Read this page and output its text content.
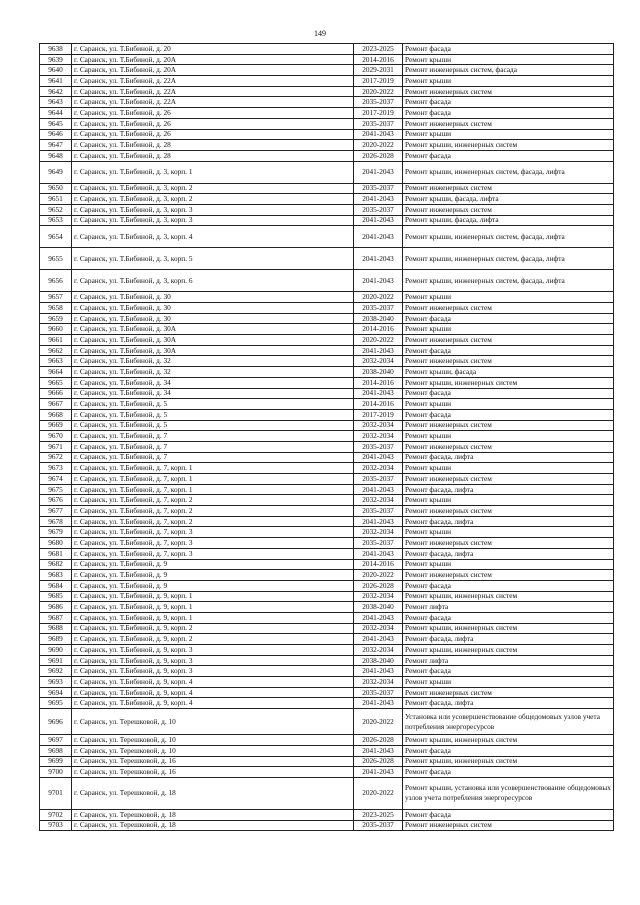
149
9638	г. Саранск, ул. Т.Бибиной, д. 20	2023-2025	Ремонт фасада
9639	г. Саранск, ул. Т.Бибиной, д. 20А	2014-2016	Ремонт крыши
9640	г. Саранск, ул. Т.Бибиной, д. 20А	2029-2031	Ремонт инженерных систем, фасада
9641	г. Саранск, ул. Т.Бибиной, д. 22А	2017-2019	Ремонт крыши
9642	г. Саранск, ул. Т.Бибиной, д. 22А	2020-2022	Ремонт инженерных систем
9643	г. Саранск, ул. Т.Бибиной, д. 22А	2035-2037	Ремонт фасада
9644	г. Саранск, ул. Т.Бибиной, д. 26	2017-2019	Ремонт фасада
9645	г. Саранск, ул. Т.Бибиной, д. 26	2035-2037	Ремонт инженерных систем
9646	г. Саранск, ул. Т.Бибиной, д. 26	2041-2043	Ремонт крыши
9647	г. Саранск, ул. Т.Бибиной, д. 28	2020-2022	Ремонт крыши, инженерных систем
9648	г. Саранск, ул. Т.Бибиной, д. 28	2026-2028	Ремонт фасада
9649	г. Саранск, ул. Т.Бибиной, д. 3, корп. 1	2041-2043	Ремонт крыши, инженерных систем, фасада, лифта
9650	г. Саранск, ул. Т.Бибиной, д. 3, корп. 2	2035-2037	Ремонт инженерных систем
9651	г. Саранск, ул. Т.Бибиной, д. 3, корп. 2	2041-2043	Ремонт крыши, фасада, лифта
9652	г. Саранск, ул. Т.Бибиной, д. 3, корп. 3	2035-2037	Ремонт инженерных систем
9653	г. Саранск, ул. Т.Бибиной, д. 3, корп. 3	2041-2043	Ремонт крыши, фасада, лифта
9654	г. Саранск, ул. Т.Бибиной, д. 3, корп. 4	2041-2043	Ремонт крыши, инженерных систем, фасада, лифта
9655	г. Саранск, ул. Т.Бибиной, д. 3, корп. 5	2041-2043	Ремонт крыши, инженерных систем, фасада, лифта
9656	г. Саранск, ул. Т.Бибиной, д. 3, корп. 6	2041-2043	Ремонт крыши, инженерных систем, фасада, лифта
9657	г. Саранск, ул. Т.Бибиной, д. 30	2020-2022	Ремонт крыши
9658	г. Саранск, ул. Т.Бибиной, д. 30	2035-2037	Ремонт инженерных систем
9659	г. Саранск, ул. Т.Бибиной, д. 30	2038-2040	Ремонт фасада
9660	г. Саранск, ул. Т.Бибиной, д. 30А	2014-2016	Ремонт крыши
9661	г. Саранск, ул. Т.Бибиной, д. 30А	2020-2022	Ремонт инженерных систем
9662	г. Саранск, ул. Т.Бибиной, д. 30А	2041-2043	Ремонт фасада
9663	г. Саранск, ул. Т.Бибиной, д. 32	2032-2034	Ремонт инженерных систем
9664	г. Саранск, ул. Т.Бибиной, д. 32	2038-2040	Ремонт крыши, фасада
9665	г. Саранск, ул. Т.Бибиной, д. 34	2014-2016	Ремонт крыши, инженерных систем
9666	г. Саранск, ул. Т.Бибиной, д. 34	2041-2043	Ремонт фасада
9667	г. Саранск, ул. Т.Бибиной, д. 5	2014-2016	Ремонт крыши
9668	г. Саранск, ул. Т.Бибиной, д. 5	2017-2019	Ремонт фасада
9669	г. Саранск, ул. Т.Бибиной, д. 5	2032-2034	Ремонт инженерных систем
9670	г. Саранск, ул. Т.Бибиной, д. 7	2032-2034	Ремонт крыши
9671	г. Саранск, ул. Т.Бибиной, д. 7	2035-2037	Ремонт инженерных систем
9672	г. Саранск, ул. Т.Бибиной, д. 7	2041-2043	Ремонт фасада, лифта
9673	г. Саранск, ул. Т.Бибиной, д. 7, корп. 1	2032-2034	Ремонт крыши
9674	г. Саранск, ул. Т.Бибиной, д. 7, корп. 1	2035-2037	Ремонт инженерных систем
9675	г. Саранск, ул. Т.Бибиной, д. 7, корп. 1	2041-2043	Ремонт фасада, лифта
9676	г. Саранск, ул. Т.Бибиной, д. 7, корп. 2	2032-2034	Ремонт крыши
9677	г. Саранск, ул. Т.Бибиной, д. 7, корп. 2	2035-2037	Ремонт инженерных систем
9678	г. Саранск, ул. Т.Бибиной, д. 7, корп. 2	2041-2043	Ремонт фасада, лифта
9679	г. Саранск, ул. Т.Бибиной, д. 7, корп. 3	2032-2034	Ремонт крыши
9680	г. Саранск, ул. Т.Бибиной, д. 7, корп. 3	2035-2037	Ремонт инженерных систем
9681	г. Саранск, ул. Т.Бибиной, д. 7, корп. 3	2041-2043	Ремонт фасада, лифта
9682	г. Саранск, ул. Т.Бибиной, д. 9	2014-2016	Ремонт крыши
9683	г. Саранск, ул. Т.Бибиной, д. 9	2020-2022	Ремонт инженерных систем
9684	г. Саранск, ул. Т.Бибиной, д. 9	2026-2028	Ремонт фасада
9685	г. Саранск, ул. Т.Бибиной, д. 9, корп. 1	2032-2034	Ремонт крыши, инженерных систем
9686	г. Саранск, ул. Т.Бибиной, д. 9, корп. 1	2038-2040	Ремонт лифта
9687	г. Саранск, ул. Т.Бибиной, д. 9, корп. 1	2041-2043	Ремонт фасада
9688	г. Саранск, ул. Т.Бибиной, д. 9, корп. 2	2032-2034	Ремонт крыши, инженерных систем
9689	г. Саранск, ул. Т.Бибиной, д. 9, корп. 2	2041-2043	Ремонт фасада, лифта
9690	г. Саранск, ул. Т.Бибиной, д. 9, корп. 3	2032-2034	Ремонт крыши, инженерных систем
9691	г. Саранск, ул. Т.Бибиной, д. 9, корп. 3	2038-2040	Ремонт лифта
9692	г. Саранск, ул. Т.Бибиной, д. 9, корп. 3	2041-2043	Ремонт фасада
9693	г. Саранск, ул. Т.Бибиной, д. 9, корп. 4	2032-2034	Ремонт крыши
9694	г. Саранск, ул. Т.Бибиной, д. 9, корп. 4	2035-2037	Ремонт инженерных систем
9695	г. Саранск, ул. Т.Бибиной, д. 9, корп. 4	2041-2043	Ремонт фасада, лифта
9696	г. Саранск, ул. Терешковой, д. 10	2020-2022	Установка или усовершенствование общедомовых узлов учета потребления энергоресурсов
9697	г. Саранск, ул. Терешковой, д. 10	2026-2028	Ремонт крыши, инженерных систем
9698	г. Саранск, ул. Терешковой, д. 10	2041-2043	Ремонт фасада
9699	г. Саранск, ул. Терешковой, д. 16	2026-2028	Ремонт крыши, инженерных систем
9700	г. Саранск, ул. Терешковой, д. 16	2041-2043	Ремонт фасада
9701	г. Саранск, ул. Терешковой, д. 18	2020-2022	Ремонт крыши, установка или усовершенствование общедомовых узлов учета потребления энергоресурсов
9702	г. Саранск, ул. Терешковой, д. 18	2023-2025	Ремонт фасада
9703	г. Саранск, ул. Терешковой, д. 18	2035-2037	Ремонт инженерных систем
